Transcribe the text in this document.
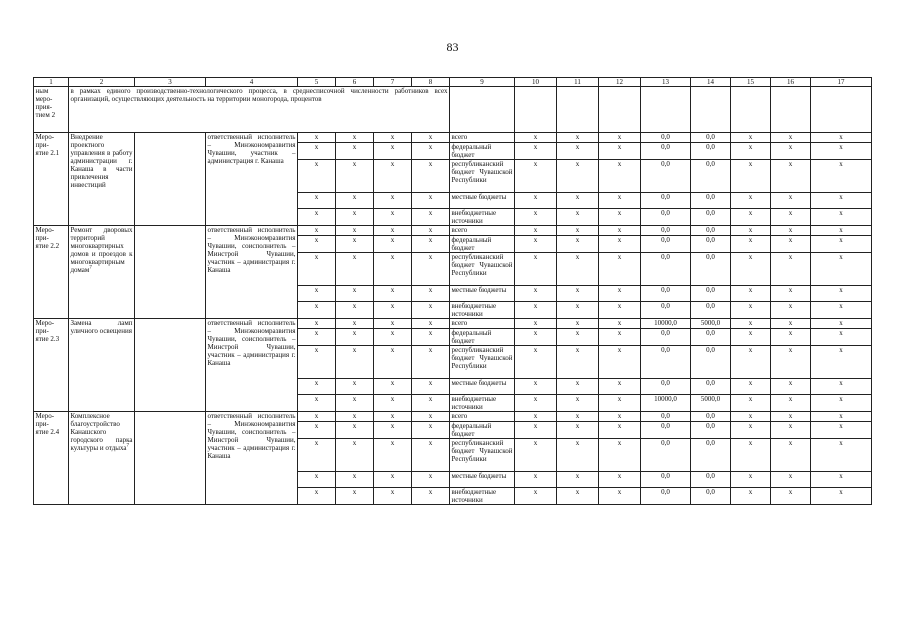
83
1	2	3	4	5	6	7	8	9	10	11	12	13	14	15	16	17
ным
меро-
прия-
тием 2	в рамках единого производственно-технологического процесса, в среднесписочной численности работников всех организаций, осуществляющих деятельность на территории моногорода, процентов															
Меро-
при-
ятие 2.1	Внедрение проектного управления в работу администрации г. Канаша в части привлечения инвестиций		ответственный исполнитель – Минэкономразвития Чувашии, участник – администрация г. Канаша	х	х	х	х	всего	х	х	х	0,0	0,0	х	х	х
				х	х	х	х	федеральный бюджет	х	х	х	0,0	0,0	х	х	х
				х	х	х	х	республиканский бюджет Чувашской Республики	х	х	х	0,0	0,0	х	х	х
				х	х	х	х	местные бюджеты	х	х	х	0,0	0,0	х	х	х
				х	х	х	х	внебюджетные источники	х	х	х	0,0	0,0	х	х	х
Меро-
при-
ятие 2.2	Ремонт дворовых территорий многоквартирных домов и проездов к многоквартирным домам$^7$		ответственный исполнитель – Минэкономразвития Чувашии, соисполнитель – Минстрой Чувашии, участник – администрация г. Канаша	х	х	х	х	всего	х	х	х	0,0	0,0	х	х	х
				х	х	х	х	федеральный бюджет	х	х	х	0,0	0,0	х	х	х
				х	х	х	х	республиканский бюджет Чувашской Республики	х	х	х	0,0	0,0	х	х	х
				х	х	х	х	местные бюджеты	х	х	х	0,0	0,0	х	х	х
				х	х	х	х	внебюджетные источники	х	х	х	0,0	0,0	х	х	х
Меро-
при-
ятие 2.3	Замена ламп уличного освещения		ответственный исполнитель – Минэкономразвития Чувашии, соисполнитель – Минстрой Чувашии, участник – администрация г. Канаша	х	х	х	х	всего	х	х	х	10000,0	5000,0	х	х	х
				х	х	х	х	федеральный бюджет	х	х	х	0,0	0,0	х	х	х
				х	х	х	х	республиканский бюджет Чувашской Республики	х	х	х	0,0	0,0	х	х	х
				х	х	х	х	местные бюджеты	х	х	х	0,0	0,0	х	х	х
				х	х	х	х	внебюджетные источники	х	х	х	10000,0	5000,0	х	х	х
Меро-
при-
ятие 2.4	Комплексное благоустройство Канашского городского парка культуры и отдыха$^7$		ответственный исполнитель – Минэкономразвития Чувашии, соисполнитель – Минстрой Чувашии, участник – администрация г. Канаша	х	х	х	х	всего	х	х	х	0,0	0,0	х	х	х
				х	х	х	х	федеральный бюджет	х	х	х	0,0	0,0	х	х	х
				х	х	х	х	республиканский бюджет Чувашской Республики	х	х	х	0,0	0,0	х	х	х
				х	х	х	х	местные бюджеты	х	х	х	0,0	0,0	х	х	х
				х	х	х	х	внебюджетные источники	х	х	х	0,0	0,0	х	х	х
